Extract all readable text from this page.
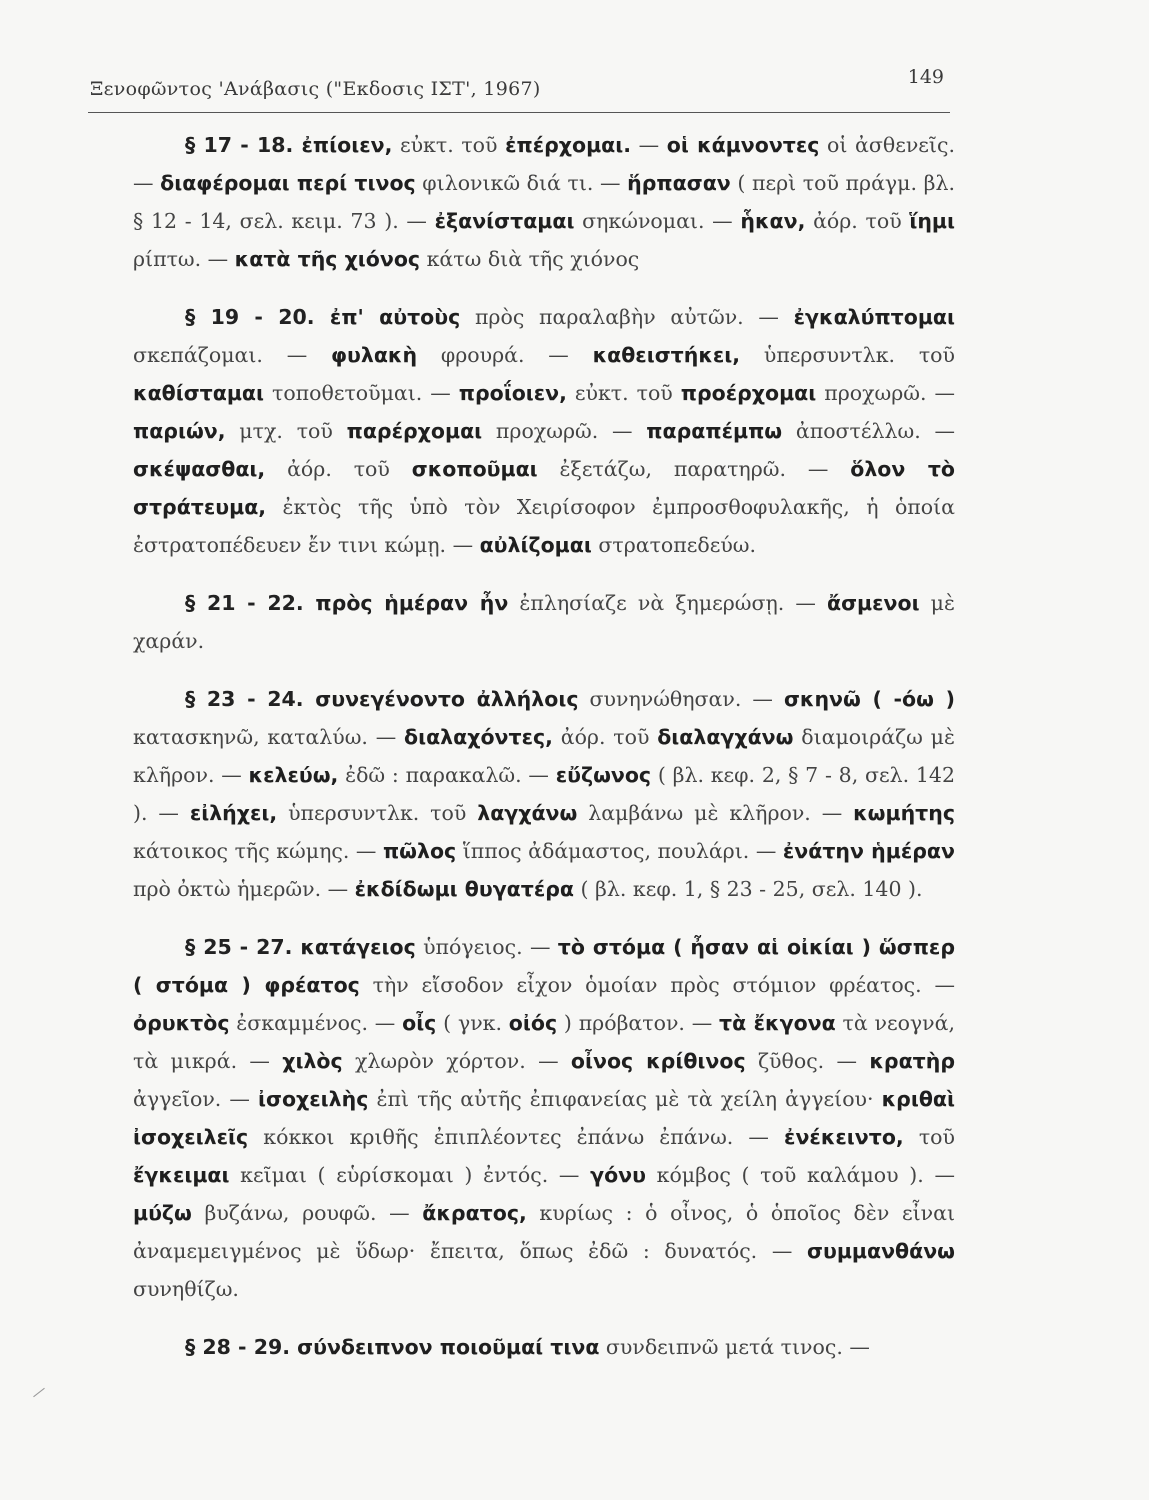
Ξενοφῶντος 'Ανάβασις ("Εκδοσις ΙΣΤ', 1967)
149

§ 17 - 18. ἐπίοιεν, εὐκτ. τοῦ ἐπέρχομαι. — οἱ κάμνοντες οἱ ἀσθενεῖς. — διαφέρομαι περί τινος φιλονικῶ διά τι. — ἥρπασαν ( περὶ τοῦ πράγμ. βλ. § 12 - 14, σελ. κειμ. 73 ). — ἐξανίσταμαι σηκώνομαι. — ἧκαν, ἀόρ. τοῦ ἵημι ρίπτω. — κατὰ τῆς χιόνος κάτω διὰ τῆς χιόνος

§ 19 - 20. ἐπ' αὐτοὺς πρὸς παραλαβὴν αὐτῶν. — ἐγκαλύπτομαι σκεπάζομαι. — φυλακὴ φρουρά. — καθειστήκει, ὑπερσυντλκ. τοῦ καθίσταμαι τοποθετοῦμαι. — προΐοιεν, εὐκτ. τοῦ προέρχομαι προχωρῶ. — παριών, μτχ. τοῦ παρέρχομαι προχωρῶ. — παραπέμπω ἀποστέλλω. — σκέψασθαι, ἀόρ. τοῦ σκοποῦμαι ἐξετάζω, παρατηρῶ. — ὅλον τὸ στράτευμα, ἐκτὸς τῆς ὑπὸ τὸν Χειρίσοφον ἐμπροσθοφυλακῆς, ἡ ὁποία ἐστρατοπέδευεν ἔν τινι κώμῃ. — αὐλίζομαι στρατοπεδεύω.

§ 21 - 22. πρὸς ἡμέραν ἦν ἐπλησίαζε νὰ ξημερώσῃ. — ἄσμενοι μὲ χαράν.

§ 23 - 24. συνεγένοντο ἀλλήλοις συνηνώθησαν. — σκηνῶ ( -όω ) κατασκηνῶ, καταλύω. — διαλαχόντες, ἀόρ. τοῦ διαλαγχάνω διαμοιράζω μὲ κλῆρον. — κελεύω, ἐδῶ : παρακαλῶ. — εὔζωνος ( βλ. κεφ. 2, § 7 - 8, σελ. 142 ). — εἰλήχει, ὑπερσυντλκ. τοῦ λαγχάνω λαμβάνω μὲ κλῆρον. — κωμήτης κάτοικος τῆς κώμης. — πῶλος ἵππος ἀδάμαστος, πουλάρι. — ἐνάτην ἡμέραν πρὸ ὀκτὼ ἡμερῶν. — ἐκδίδωμι θυγατέρα ( βλ. κεφ. 1, § 23 - 25, σελ. 140 ).

§ 25 - 27. κατάγειος ὑπόγειος. — τὸ στόμα ( ἦσαν αἱ οἰκίαι ) ὥσπερ ( στόμα ) φρέατος τὴν εἴσοδον εἶχον ὁμοίαν πρὸς στόμιον φρέατος. — ὀρυκτὸς ἐσκαμμένος. — οἶς ( γνκ. οἰός ) πρόβατον. — τὰ ἔκγονα τὰ νεογνά, τὰ μικρά. — χιλὸς χλωρὸν χόρτον. — οἶνος κρίθινος ζῦθος. — κρατὴρ ἀγγεῖον. — ἰσοχειλὴς ἐπὶ τῆς αὐτῆς ἐπιφανείας μὲ τὰ χείλη ἀγγείου· κριθαὶ ἰσοχειλεῖς κόκκοι κριθῆς ἐπιπλέοντες ἐπάνω ἐπάνω. — ἐνέκειντο, τοῦ ἔγκειμαι κεῖμαι ( εὑρίσκομαι ) ἐντός. — γόνυ κόμβος ( τοῦ καλάμου ). — μύζω βυζάνω, ρουφῶ. — ἄκρατος, κυρίως : ὁ οἶνος, ὁ ὁποῖος δὲν εἶναι ἀναμεμειγμένος μὲ ὕδωρ· ἔπειτα, ὅπως ἐδῶ : δυνατός. — συμμανθάνω συνηθίζω.

§ 28 - 29. σύνδειπνον ποιοῦμαί τινα συνδειπνῶ μετά τινος. —
